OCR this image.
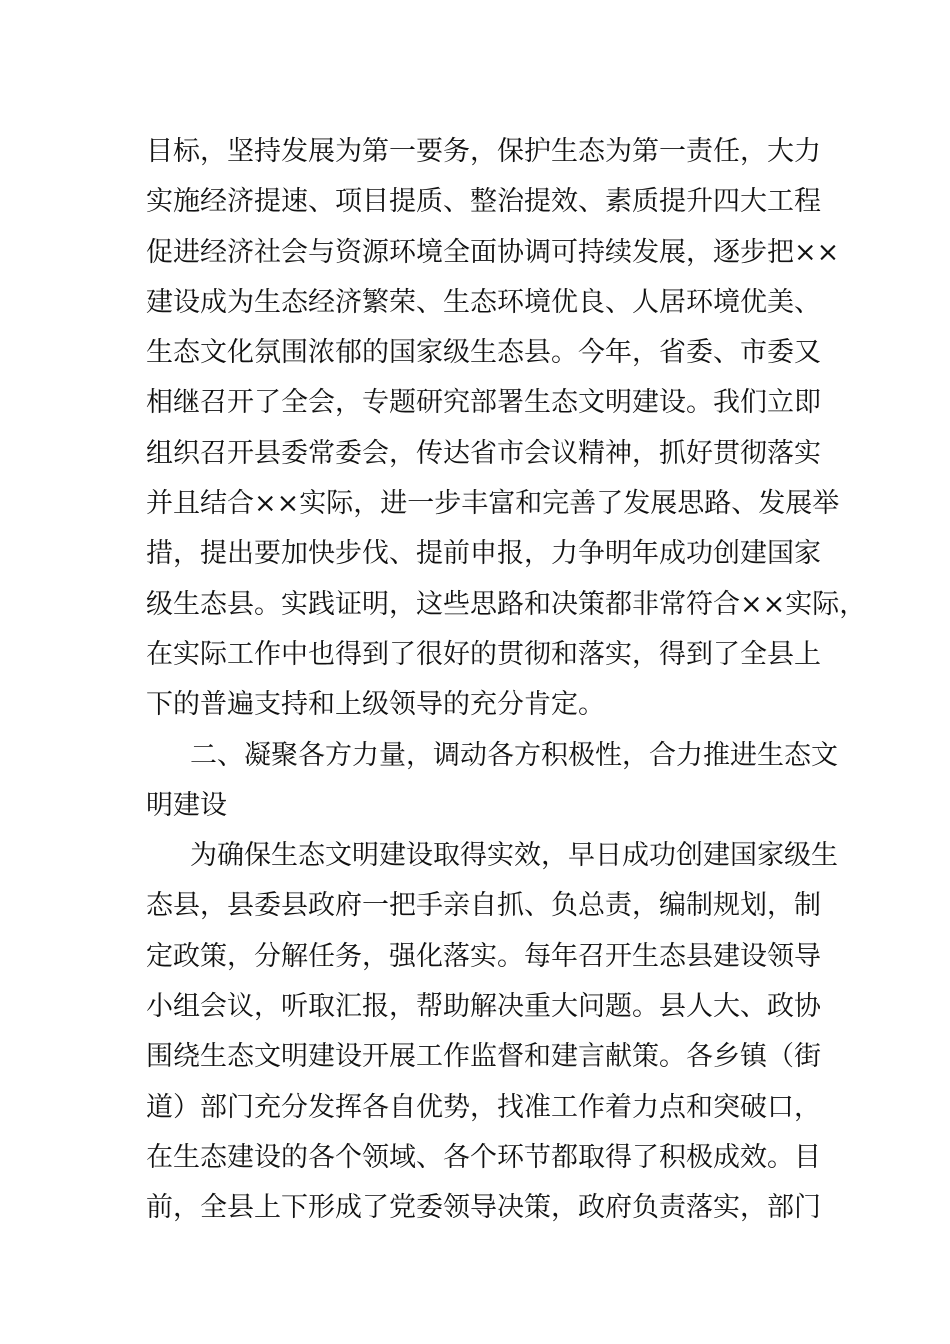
目标，坚持发展为第一要务，保护生态为第一责任，大力
实施经济提速、项目提质、整治提效、素质提升四大工程
促进经济社会与资源环境全面协调可持续发展，逐步把××
建设成为生态经济繁荣、生态环境优良、人居环境优美、
生态文化氛围浓郁的国家级生态县。今年，省委、市委又
相继召开了全会，专题研究部署生态文明建设。我们立即
组织召开县委常委会，传达省市会议精神，抓好贯彻落实
并且结合××实际，进一步丰富和完善了发展思路、发展举
措，提出要加快步伐、提前申报，力争明年成功创建国家
级生态县。实践证明，这些思路和决策都非常符合××实际，
在实际工作中也得到了很好的贯彻和落实，得到了全县上
下的普遍支持和上级领导的充分肯定。
二、凝聚各方力量，调动各方积极性，合力推进生态文
明建设
为确保生态文明建设取得实效，早日成功创建国家级生
态县，县委县政府一把手亲自抓、负总责，编制规划，制
定政策，分解任务，强化落实。每年召开生态县建设领导
小组会议，听取汇报，帮助解决重大问题。县人大、政协
围绕生态文明建设开展工作监督和建言献策。各乡镇（街
道）部门充分发挥各自优势，找准工作着力点和突破口，
在生态建设的各个领域、各个环节都取得了积极成效。目
前，全县上下形成了党委领导决策，政府负责落实，部门
